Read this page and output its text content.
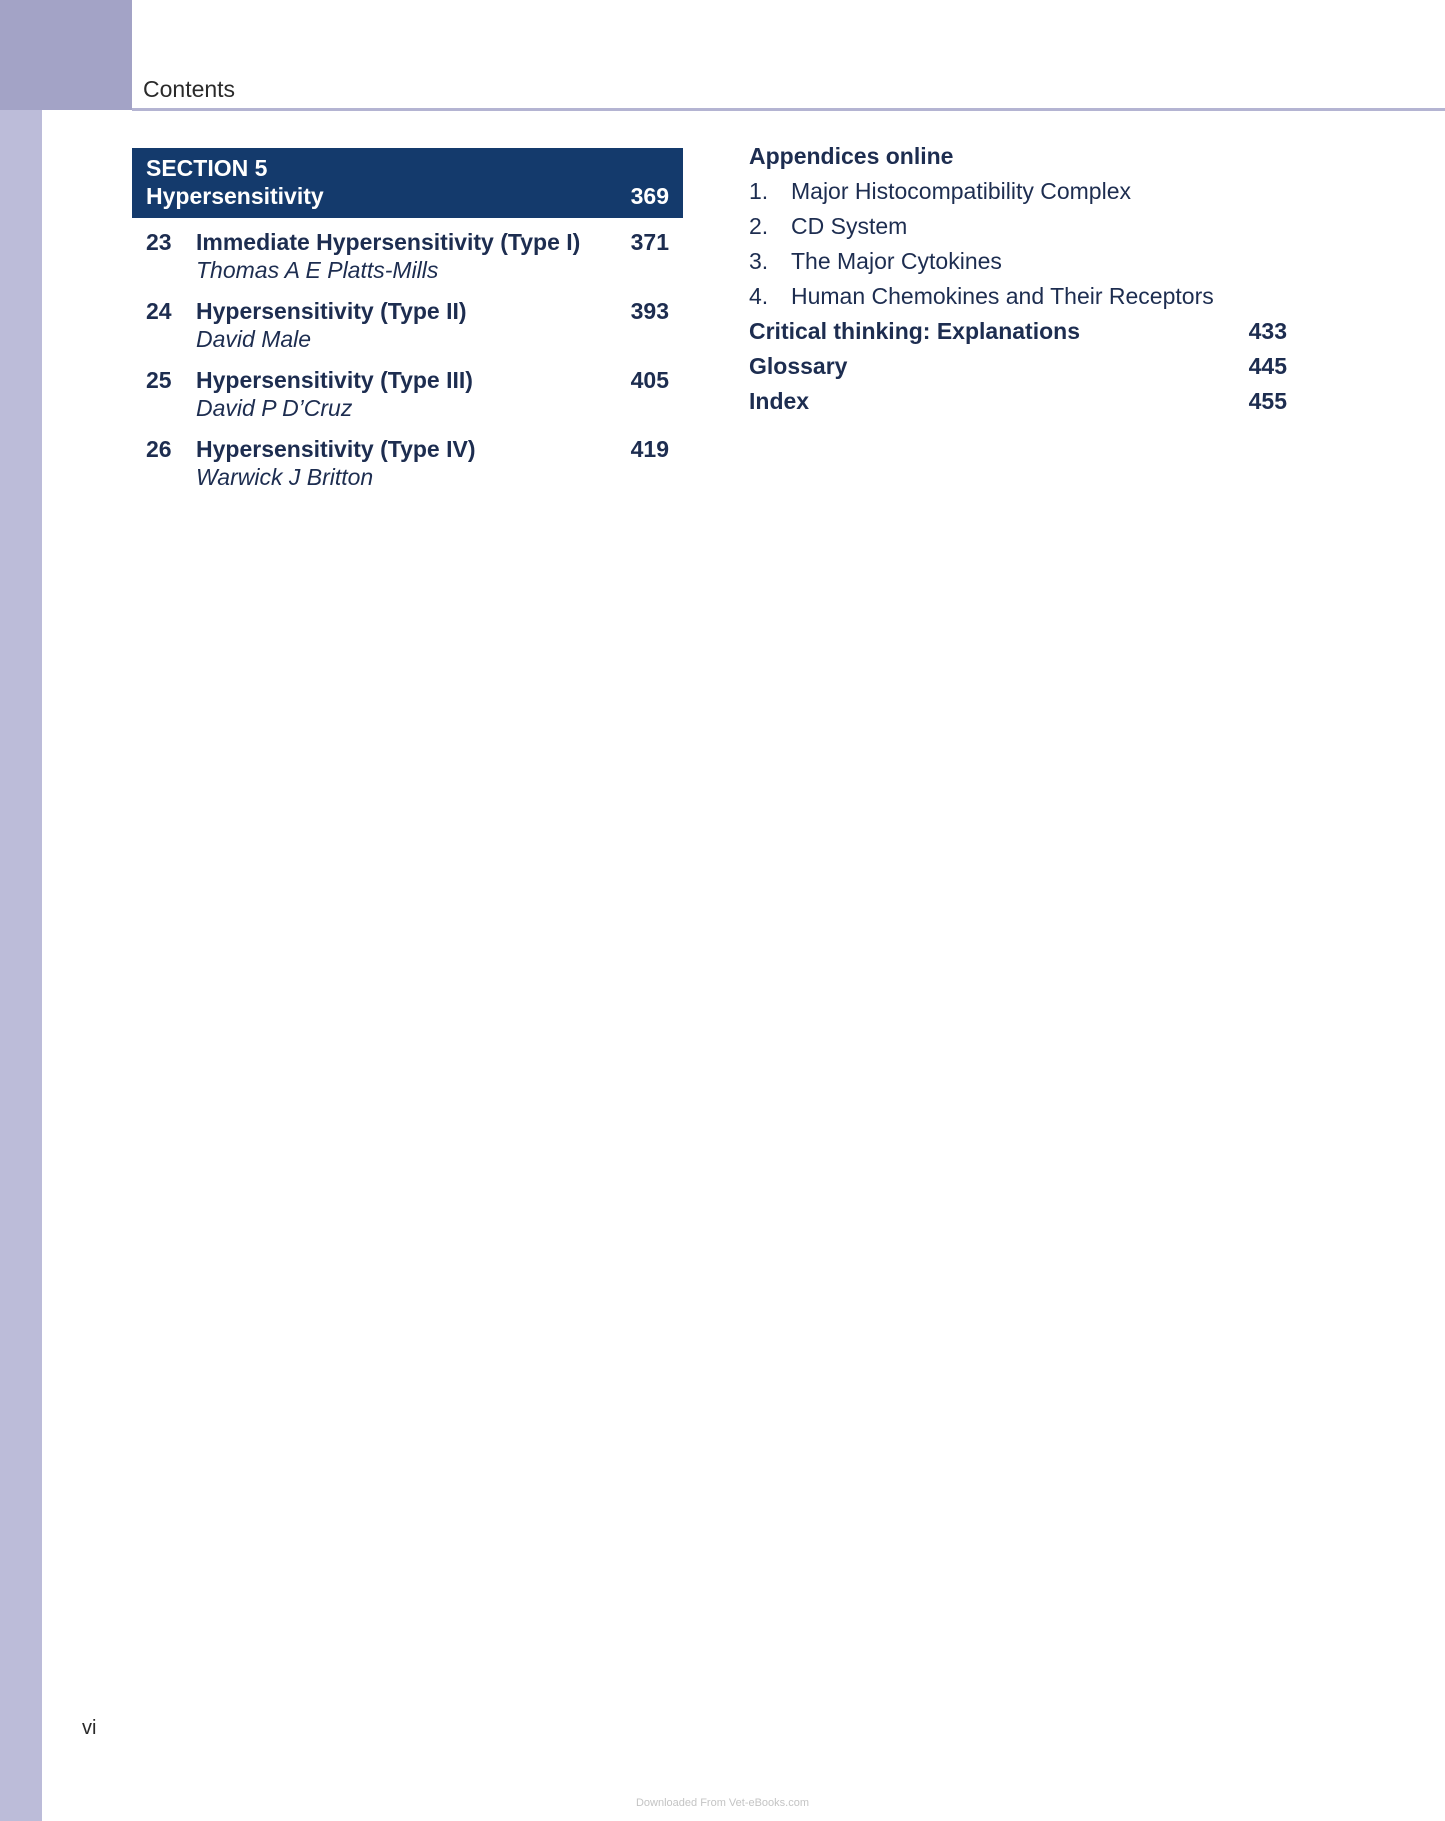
Contents
SECTION 5
Hypersensitivity	369
23	Immediate Hypersensitivity (Type I)	371
Thomas A E Platts-Mills
24	Hypersensitivity (Type II)	393
David Male
25	Hypersensitivity (Type III)	405
David P D’Cruz
26	Hypersensitivity (Type IV)	419
Warwick J Britton
Appendices online
1. Major Histocompatibility Complex
2. CD System
3. The Major Cytokines
4. Human Chemokines and Their Receptors
Critical thinking: Explanations	433
Glossary	445
Index	455
vi
Downloaded From Vet-eBooks.com
